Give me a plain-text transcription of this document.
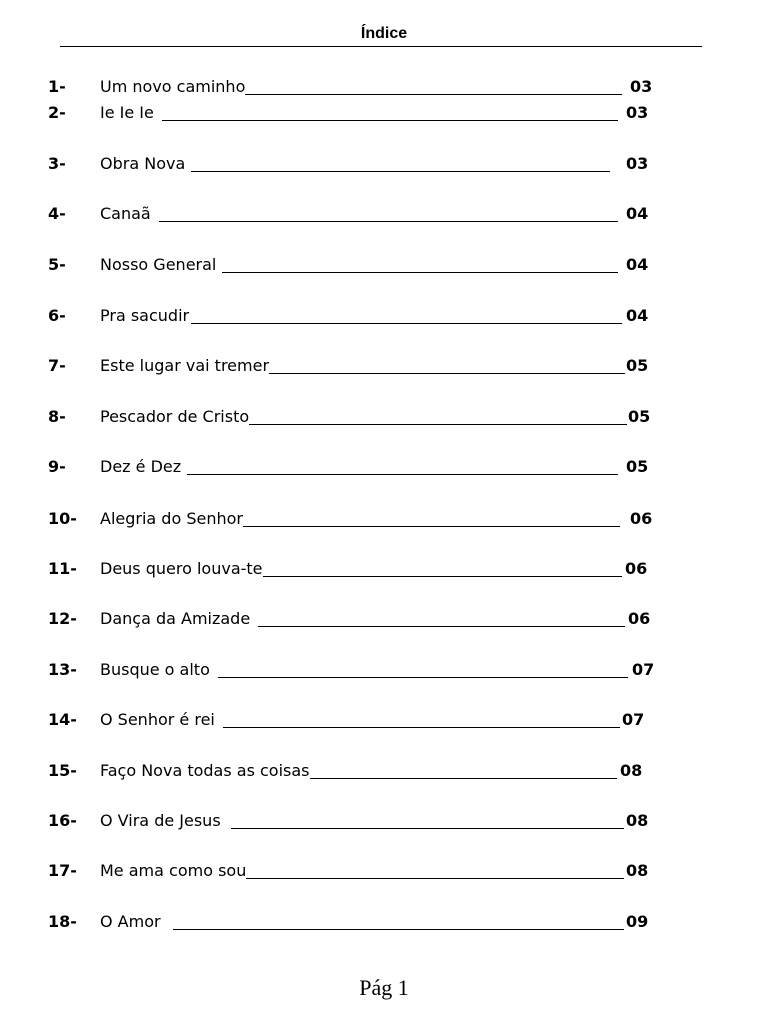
Índice
1- Um novo caminho	03
2- Ie Ie Ie	03
3- Obra Nova	03
4- Canaã	04
5- Nosso General	04
6- Pra sacudir	04
7- Este lugar vai tremer	05
8- Pescador de Cristo	05
9- Dez é Dez	05
10- Alegria do Senhor	06
11- Deus quero louva-te	06
12- Dança da Amizade	06
13- Busque o alto	07
14- O Senhor é rei	07
15- Faço Nova todas as coisas	08
16- O Vira de Jesus	08
17- Me ama como sou	08
18- O Amor	09
Pág 1
